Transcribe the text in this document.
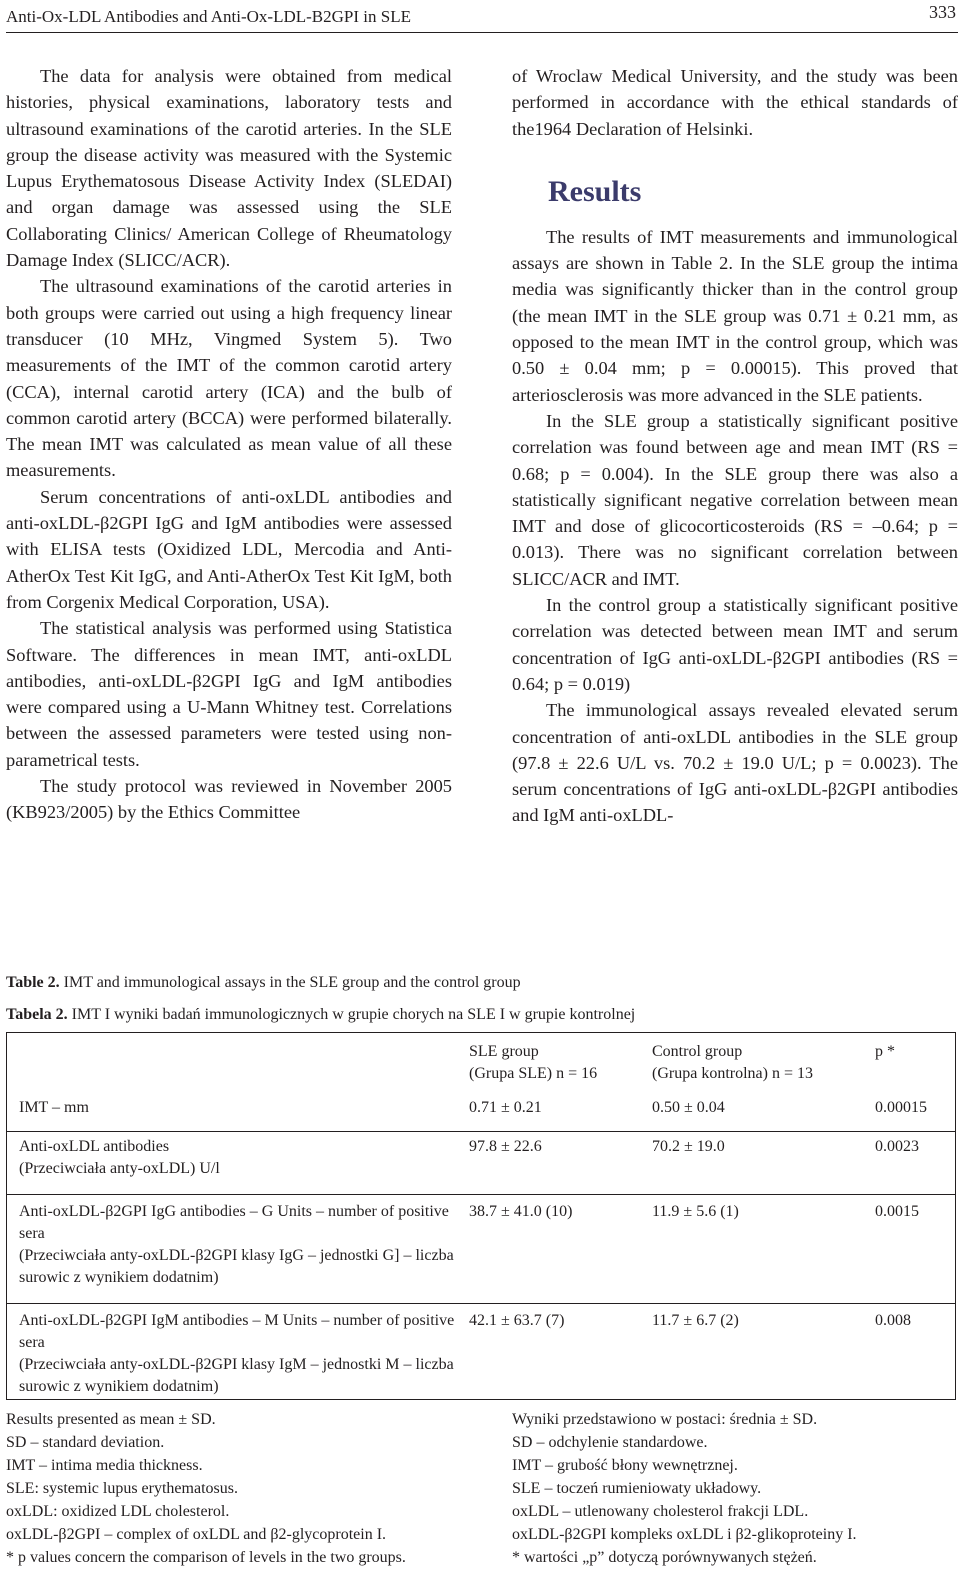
Anti-Ox-LDL Antibodies and Anti-Ox-LDL-B2GPI in SLE	333

The data for analysis were obtained from medical histories, physical examinations, laboratory tests and ultrasound examinations of the carotid arteries. In the SLE group the disease activity was measured with the Systemic Lupus Erythematosous Disease Activity Index (SLEDAI) and organ damage was assessed using the SLE Collaborating Clinics/ American College of Rheumatology Damage Index (SLICC/ACR).

The ultrasound examinations of the carotid arteries in both groups were carried out using a high frequency linear transducer (10 MHz, Vingmed System 5). Two measurements of the IMT of the common carotid artery (CCA), internal carotid artery (ICA) and the bulb of common carotid artery (BCCA) were performed bilaterally. The mean IMT was calculated as mean value of all these measurements.

Serum concentrations of anti-oxLDL antibodies and anti-oxLDL-β2GPI IgG and IgM antibodies were assessed with ELISA tests (Oxidized LDL, Mercodia and Anti-AtherOx Test Kit IgG, and Anti-AtherOx Test Kit IgM, both from Corgenix Medical Corporation, USA).

The statistical analysis was performed using Statistica Software. The differences in mean IMT, anti-oxLDL antibodies, anti-oxLDL-β2GPI IgG and IgM antibodies were compared using a U-Mann Whitney test. Correlations between the assessed parameters were tested using non-parametrical tests.

The study protocol was reviewed in November 2005 (KB923/2005) by the Ethics Committee

of Wroclaw Medical University, and the study was been performed in accordance with the ethical standards of the1964 Declaration of Helsinki.

Results

The results of IMT measurements and immunological assays are shown in Table 2. In the SLE group the intima media was significantly thicker than in the control group (the mean IMT in the SLE group was 0.71 ± 0.21 mm, as opposed to the mean IMT in the control group, which was 0.50 ± 0.04 mm; p = 0.00015). This proved that arteriosclerosis was more advanced in the SLE patients.

In the SLE group a statistically significant positive correlation was found between age and mean IMT (RS = 0.68; p = 0.004). In the SLE group there was also a statistically significant negative correlation between mean IMT and dose of glicocorticosteroids (RS = –0.64; p = 0.013). There was no significant correlation between SLICC/ACR and IMT.

In the control group a statistically significant positive correlation was detected between mean IMT and serum concentration of IgG anti-oxLDL-β2GPI antibodies (RS = 0.64; p = 0.019)

The immunological assays revealed elevated serum concentration of anti-oxLDL antibodies in the SLE group (97.8 ± 22.6 U/L vs. 70.2 ± 19.0 U/L; p = 0.0023). The serum concentrations of IgG anti-oxLDL-β2GPI antibodies and IgM anti-oxLDL-

Table 2. IMT and immunological assays in the SLE group and the control group
Tabela 2. IMT I wyniki badań immunologicznych w grupie chorych na SLE I w grupie kontrolnej
	SLE group
(Grupa SLE) n = 16	Control group
(Grupa kontrolna) n = 13	p *

IMT – mm	0.71 ± 0.21	0.50 ± 0.04	0.00015

Anti-oxLDL antibodies
(Przeciwciała anty-oxLDL) U/l	97.8 ± 22.6	70.2 ± 19.0	0.0023

Anti-oxLDL-β2GPI IgG antibodies – G Units – number of positive sera
(Przeciwciała anty-oxLDL-β2GPI klasy IgG – jednostki G] – liczba surowic z wynikiem dodatnim)	38.7 ± 41.0 (10)	11.9 ± 5.6 (1)	0.0015

Anti-oxLDL-β2GPI IgM antibodies – M Units – number of positive sera
(Przeciwciała anty-oxLDL-β2GPI klasy IgM – jednostki M – liczba surowic z wynikiem dodatnim)	42.1 ± 63.7 (7)	11.7 ± 6.7 (2)	0.008
Results presented as mean ± SD.
SD – standard deviation.
IMT – intima media thickness.
SLE: systemic lupus erythematosus.
oxLDL: oxidized LDL cholesterol.
oxLDL-β2GPI – complex of oxLDL and β2-glycoprotein I.
* p values concern the comparison of levels in the two groups.
Wyniki przedstawiono w postaci: średnia ± SD.
SD – odchylenie standardowe.
IMT – grubość błony wewnętrznej.
SLE – toczeń rumieniowaty układowy.
oxLDL – utlenowany cholesterol frakcji LDL.
oxLDL-β2GPI kompleks oxLDL i β2-glikoproteiny I.
* wartości „p” dotyczą porównywanych stężeń.
